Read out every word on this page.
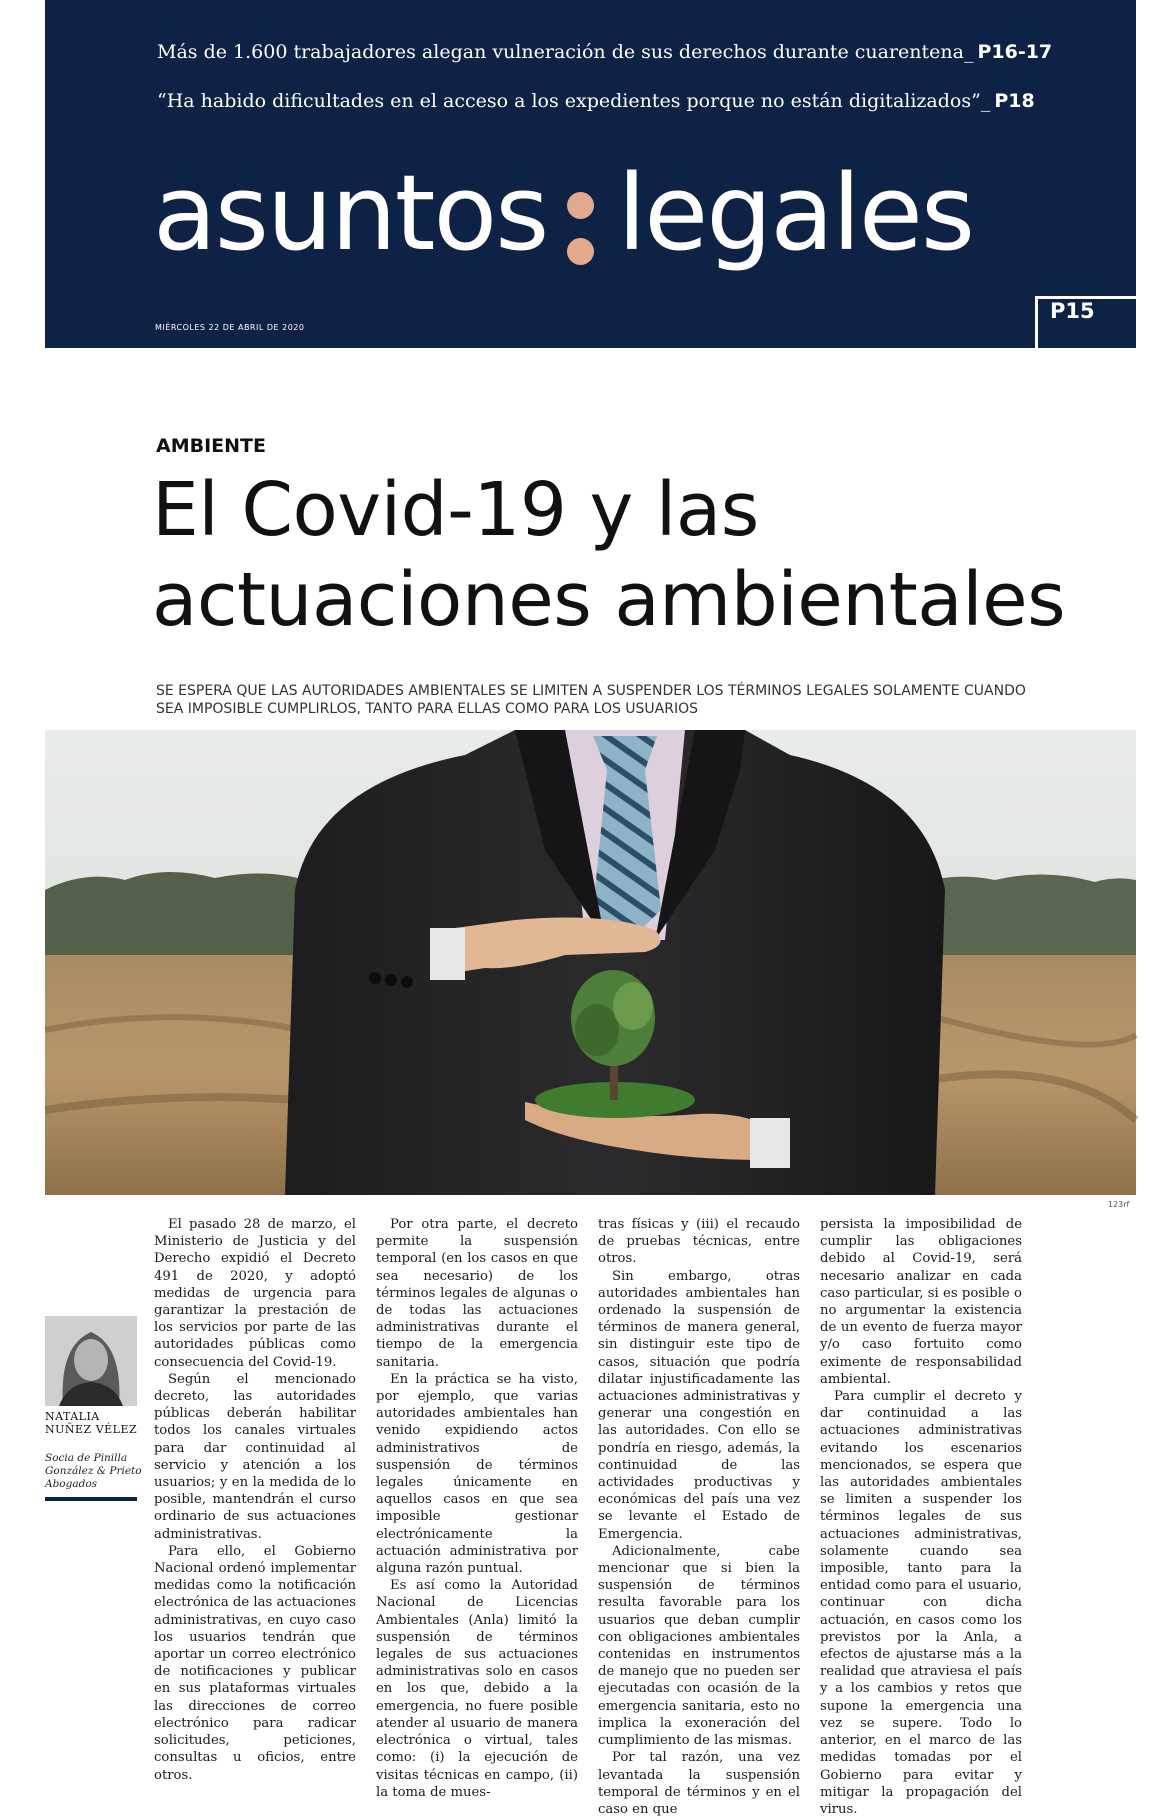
Más de 1.600 trabajadores alegan vulneración de sus derechos durante cuarentena_ P16-17
“Ha habido dificultades en el acceso a los expedientes porque no están digitalizados”_ P18
asuntos legales
MIÉRCOLES 22 DE ABRIL DE 2020
P15
AMBIENTE
El Covid-19 y las
actuaciones ambientales
SE ESPERA QUE LAS AUTORIDADES AMBIENTALES SE LIMITEN A SUSPENDER LOS TÉRMINOS LEGALES SOLAMENTE CUANDO SEA IMPOSIBLE CUMPLIRLOS, TANTO PARA ELLAS COMO PARA LOS USUARIOS
123rf
NATALIA NUÑEZ VÉLEZ
Socia de Pinilla González & Prieto Abogados

El pasado 28 de marzo, el Ministerio de Justicia y del Derecho expidió el Decreto 491 de 2020, y adoptó medidas de urgencia para garantizar la prestación de los servicios por parte de las autoridades públicas como consecuencia del Covid-19.

Según el mencionado decreto, las autoridades públicas deberán habilitar todos los canales virtuales para dar continuidad al servicio y atención a los usuarios; y en la medida de lo posible, mantendrán el curso ordinario de sus actuaciones administrativas.

Para ello, el Gobierno Nacional ordenó implementar medidas como la notificación electrónica de las actuaciones administrativas, en cuyo caso los usuarios tendrán que aportar un correo electrónico de notificaciones y publicar en sus plataformas virtuales las direcciones de correo electrónico para radicar solicitudes, peticiones, consultas u oficios, entre otros.

Por otra parte, el decreto permite la suspensión temporal (en los casos en que sea necesario) de los términos legales de algunas o de todas las actuaciones administrativas durante el tiempo de la emergencia sanitaria.

En la práctica se ha visto, por ejemplo, que varias autoridades ambientales han venido expidiendo actos administrativos de suspensión de términos legales únicamente en aquellos casos en que sea imposible gestionar electrónicamente la actuación administrativa por alguna razón puntual.

Es así como la Autoridad Nacional de Licencias Ambientales (Anla) limitó la suspensión de términos legales de sus actuaciones administrativas solo en casos en los que, debido a la emergencia, no fuere posible atender al usuario de manera electrónica o virtual, tales como: (i) la ejecución de visitas técnicas en campo, (ii) la toma de mues-

tras físicas y (iii) el recaudo de pruebas técnicas, entre otros.

Sin embargo, otras autoridades ambientales han ordenado la suspensión de términos de manera general, sin distinguir este tipo de casos, situación que podría dilatar injustificadamente las actuaciones administrativas y generar una congestión en las autoridades. Con ello se pondría en riesgo, además, la continuidad de las actividades productivas y económicas del país una vez se levante el Estado de Emergencia.

Adicionalmente, cabe mencionar que si bien la suspensión de términos resulta favorable para los usuarios que deban cumplir con obligaciones ambientales contenidas en instrumentos de manejo que no pueden ser ejecutadas con ocasión de la emergencia sanitaria, esto no implica la exoneración del cumplimiento de las mismas.

Por tal razón, una vez levantada la suspensión temporal de términos y en el caso en que

persista la imposibilidad de cumplir las obligaciones debido al Covid-19, será necesario analizar en cada caso particular, si es posible o no argumentar la existencia de un evento de fuerza mayor y/o caso fortuito como eximente de responsabilidad ambiental.

Para cumplir el decreto y dar continuidad a las actuaciones administrativas evitando los escenarios mencionados, se espera que las autoridades ambientales se limiten a suspender los términos legales de sus actuaciones administrativas, solamente cuando sea imposible, tanto para la entidad como para el usuario, continuar con dicha actuación, en casos como los previstos por la Anla, a efectos de ajustarse más a la realidad que atraviesa el país y a los cambios y retos que supone la emergencia una vez se supere. Todo lo anterior, en el marco de las medidas tomadas por el Gobierno para evitar y mitigar la propagación del virus.
